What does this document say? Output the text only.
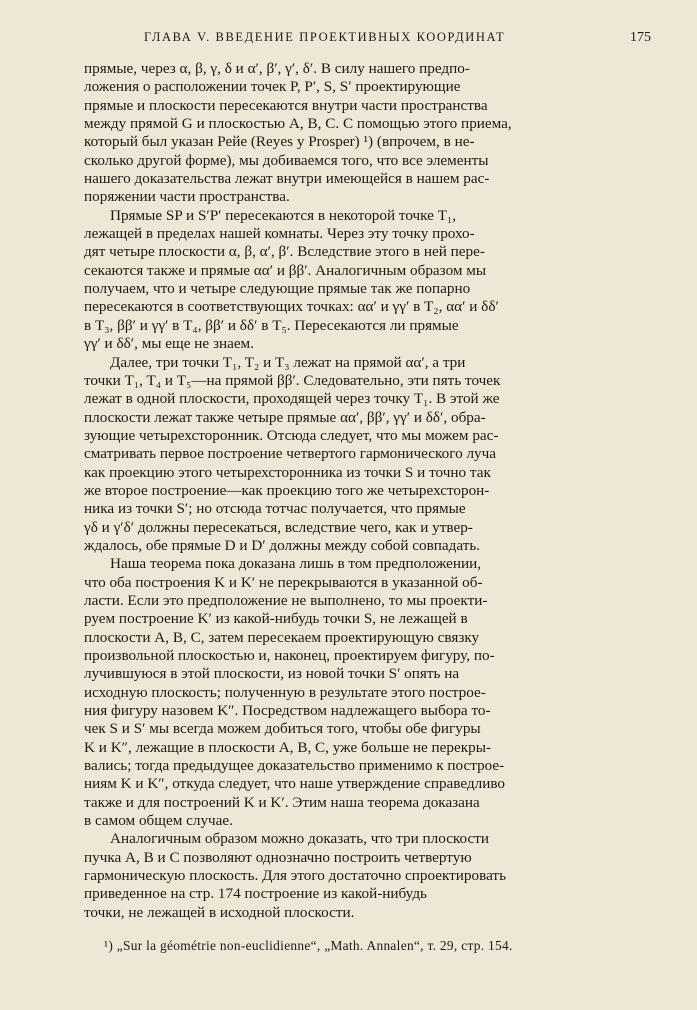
ГЛАВА V. ВВЕДЕНИЕ ПРОЕКТИВНЫХ КООРДИНАТ	175

прямые, через α, β, γ, δ и α′, β′, γ′, δ′. В силу нашего предпо-
ложения о расположении точек P, P′, S, S′ проектирующие
прямые и плоскости пересекаются внутри части пространства
между прямой G и плоскостью A, B, C. С помощью этого приема,
который был указан Рейе (Reyes y Prosper) ¹) (впрочем, в не-
сколько другой форме), мы добиваемся того, что все элементы
нашего доказательства лежат внутри имеющейся в нашем рас-
поряжении части пространства.

Прямые SP и S′P′ пересекаются в некоторой точке T₁,
лежащей в пределах нашей комнаты. Через эту точку прохо-
дят четыре плоскости α, β, α′, β′. Вследствие этого в ней пере-
секаются также и прямые αα′ и ββ′. Аналогичным образом мы
получаем, что и четыре следующие прямые так же попарно
пересекаются в соответствующих точках: αα′ и γγ′ в T₂, αα′ и δδ′
в T₃, ββ′ и γγ′ в T₄, ββ′ и δδ′ в T₅. Пересекаются ли прямые
γγ′ и δδ′, мы еще не знаем.

Далее, три точки T₁, T₂ и T₃ лежат на прямой αα′, а три
точки T₁, T₄ и T₅—на прямой ββ′. Следовательно, эти пять точек
лежат в одной плоскости, проходящей через точку T₁. В этой же
плоскости лежат также четыре прямые αα′, ββ′, γγ′ и δδ′, обра-
зующие четырехсторонник. Отсюда следует, что мы можем рас-
сматривать первое построение четвертого гармонического луча
как проекцию этого четырехсторонника из точки S и точно так
же второе построение—как проекцию того же четырехсторон-
ника из точки S′; но отсюда тотчас получается, что прямые
γδ и γ′δ′ должны пересекаться, вследствие чего, как и утвер-
ждалось, обе прямые D и D′ должны между собой совпадать.

Наша теорема пока доказана лишь в том предположении,
что оба построения K и K′ не перекрываются в указанной об-
ласти. Если это предположение не выполнено, то мы проекти-
руем построение K′ из какой-нибудь точки S, не лежащей в
плоскости A, B, C, затем пересекаем проектирующую связку
произвольной плоскостью и, наконец, проектируем фигуру, по-
лучившуюся в этой плоскости, из новой точки S′ опять на
исходную плоскость; полученную в результате этого построе-
ния фигуру назовем K″. Посредством надлежащего выбора то-
чек S и S′ мы всегда можем добиться того, чтобы обе фигуры
K и K″, лежащие в плоскости A, B, C, уже больше не перекры-
вались; тогда предыдущее доказательство применимо к построе-
ниям K и K″, откуда следует, что наше утверждение справедливо
также и для построений K и K′. Этим наша теорема доказана
в самом общем случае.

Аналогичным образом можно доказать, что три плоскости
пучка A, B и C позволяют однозначно построить четвертую
гармоническую плоскость. Для этого достаточно спроектировать
приведенное на стр. 174 построение из какой-нибудь
точки, не лежащей в исходной плоскости.

¹) „Sur la géométrie non-euclidienne“, „Math. Annalen“, т. 29, стр. 154.
